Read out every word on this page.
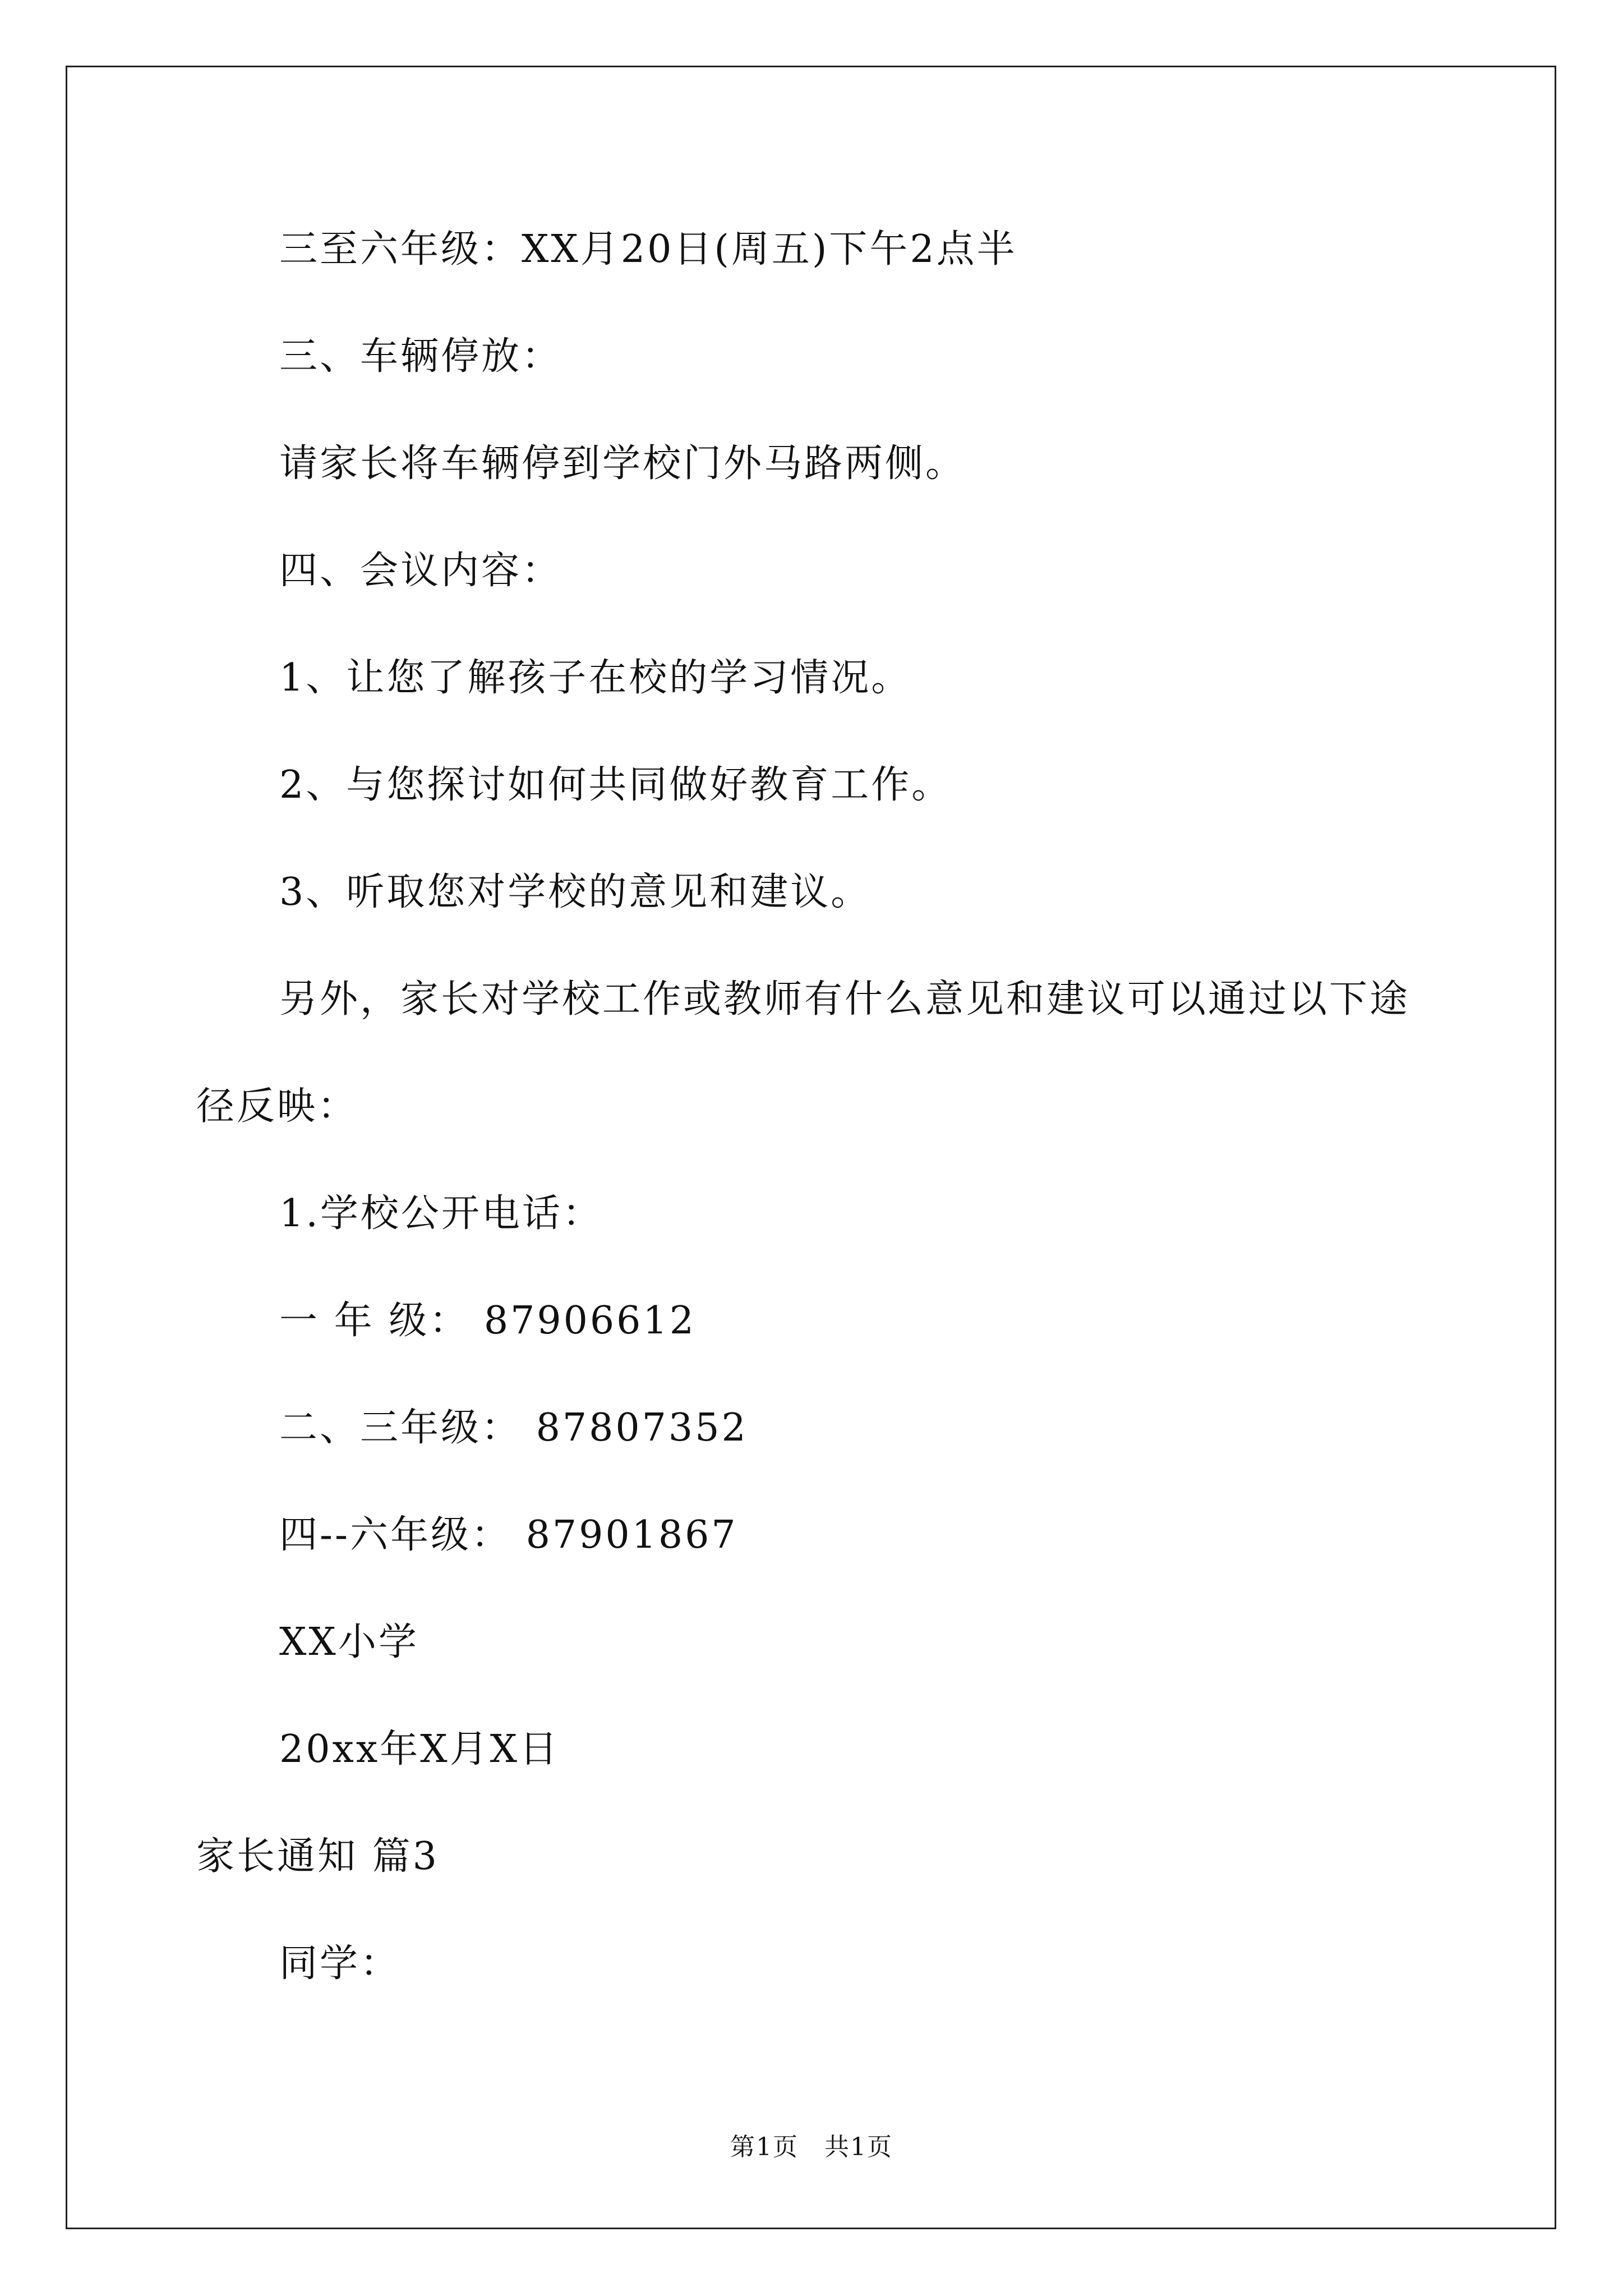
三至六年级：XX月20日(周五)下午2点半
三、车辆停放：
请家长将车辆停到学校门外马路两侧。
四、会议内容：
1、让您了解孩子在校的学习情况。
2、与您探讨如何共同做好教育工作。
3、听取您对学校的意见和建议。
另外，家长对学校工作或教师有什么意见和建议可以通过以下途
径反映：
1.学校公开电话：
一 年 级： 87906612
二、三年级： 87807352
四--六年级： 87901867
XX小学
20xx年X月X日
家长通知 篇3
同学：
第1页　共1页
